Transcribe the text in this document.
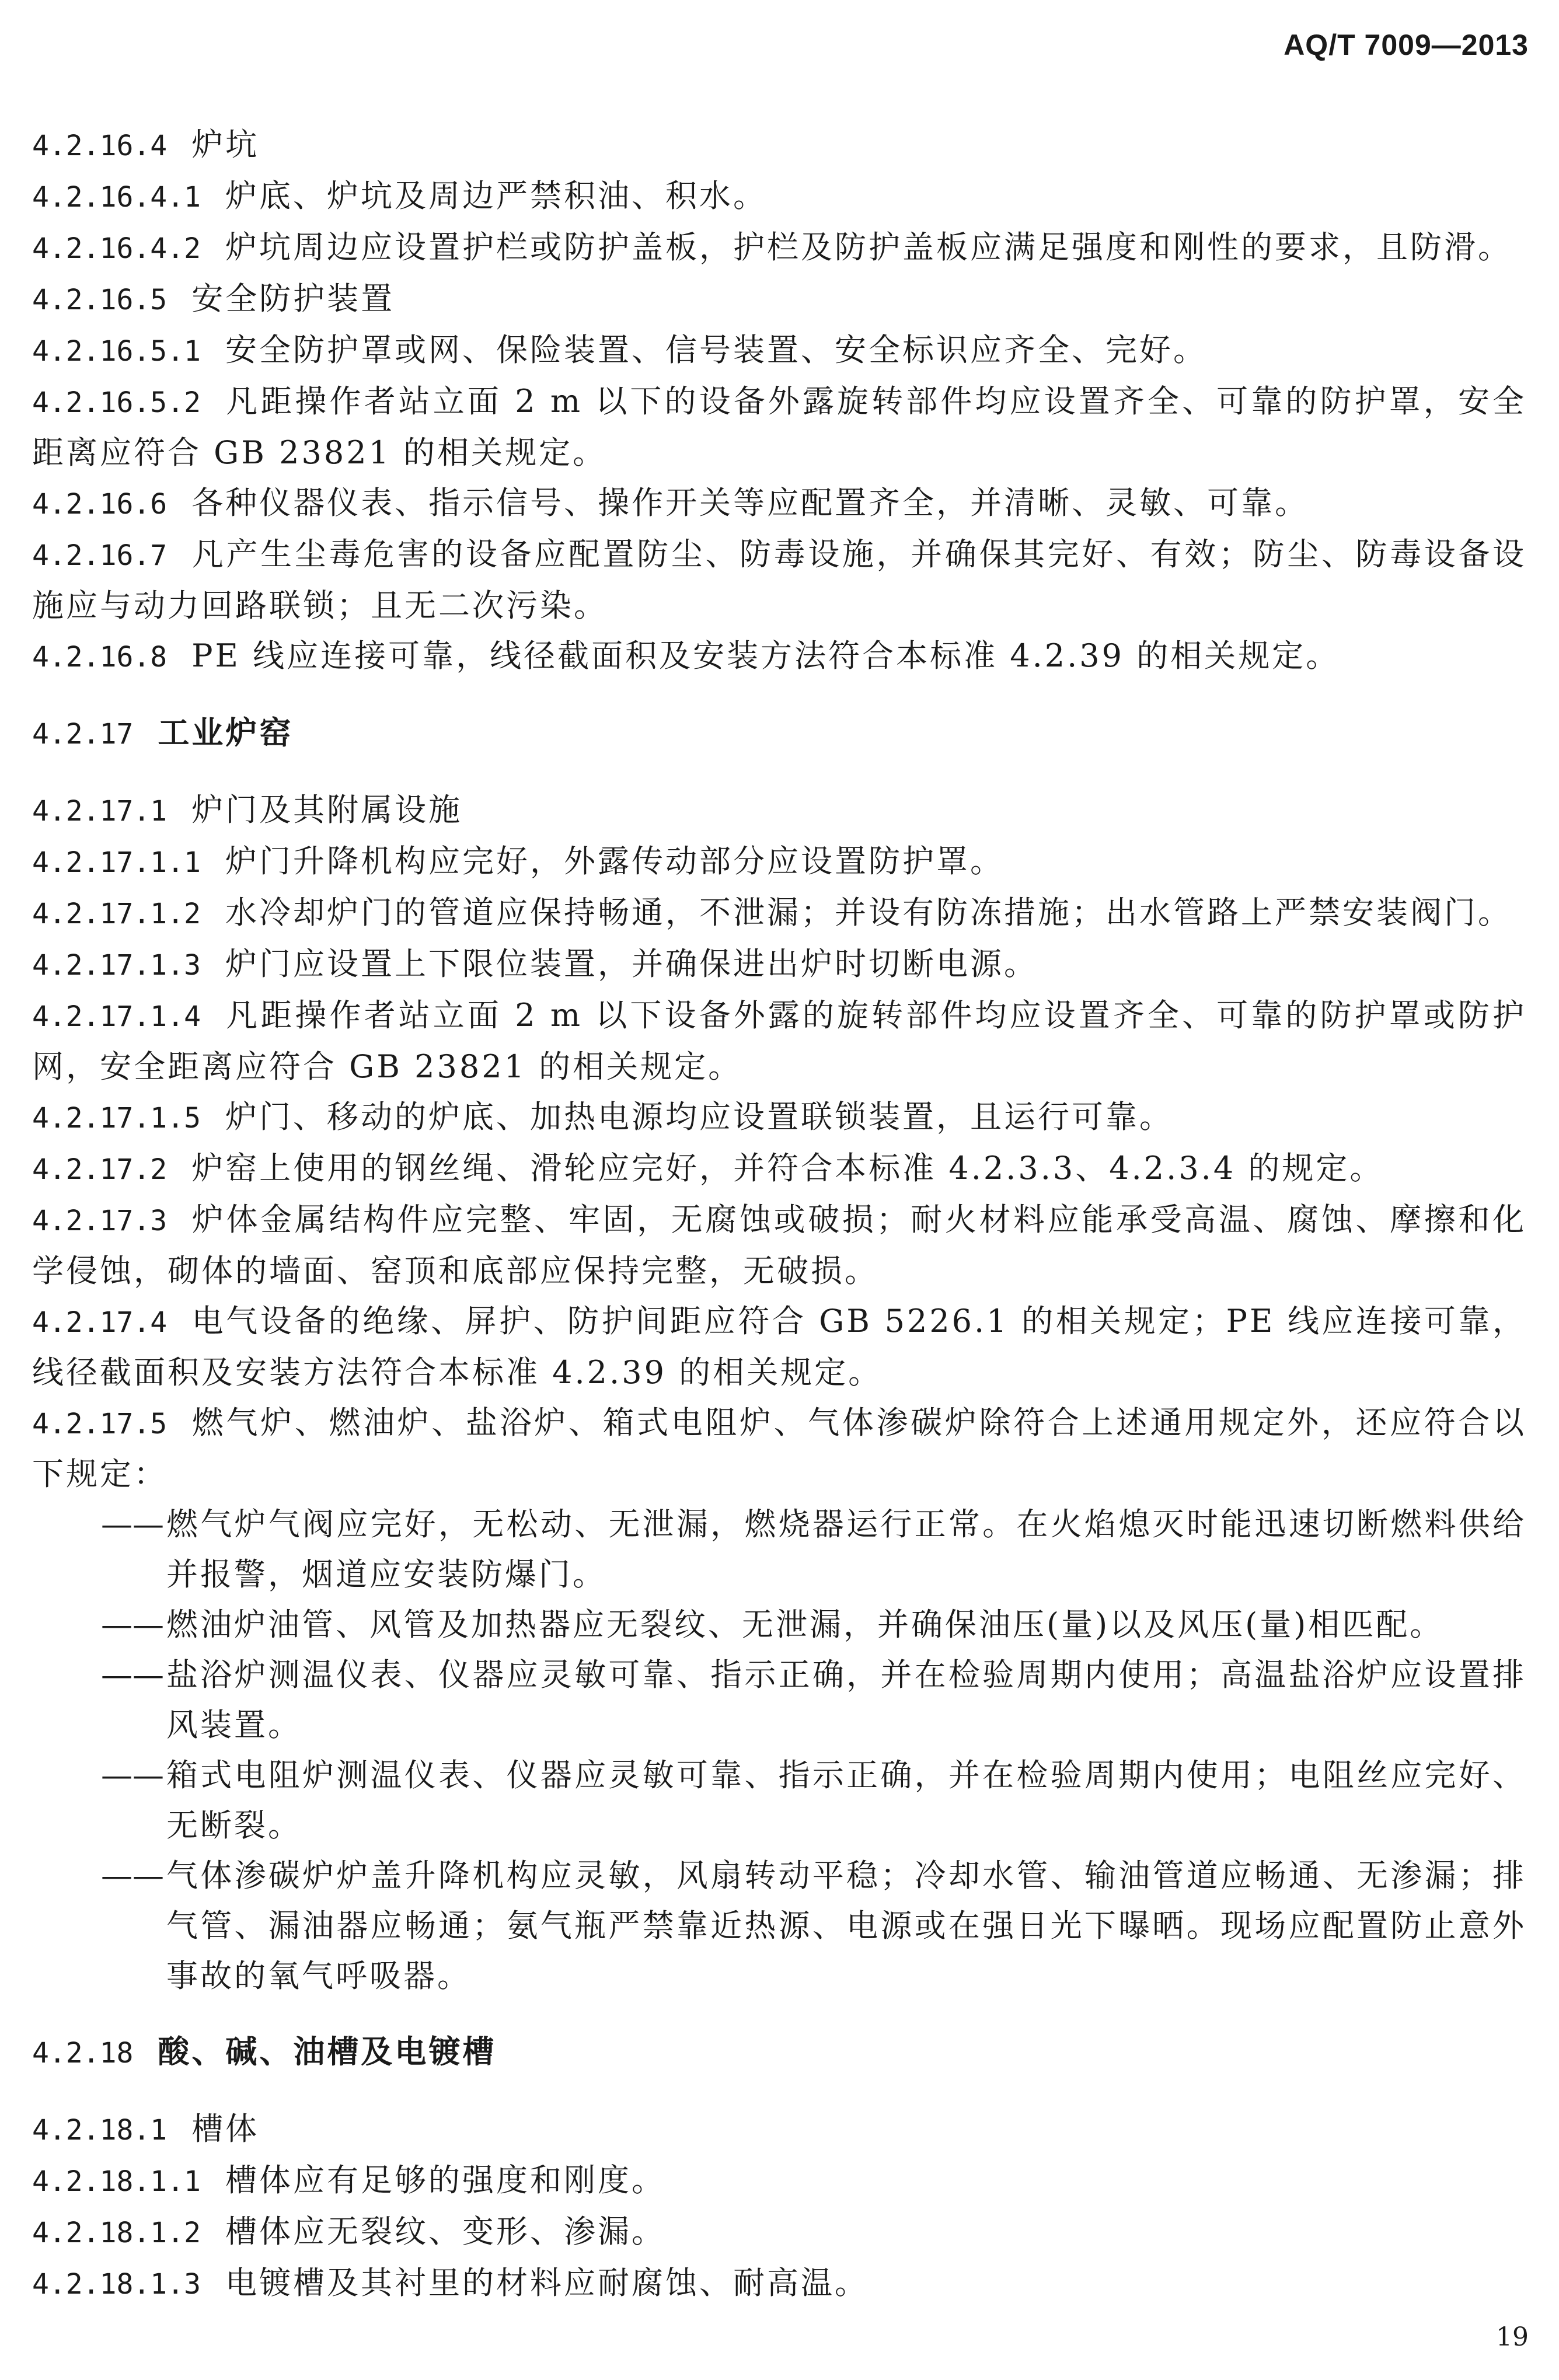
AQ/T 7009—2013
4.2.16.4 炉坑
4.2.16.4.1 炉底、炉坑及周边严禁积油、积水。
4.2.16.4.2 炉坑周边应设置护栏或防护盖板，护栏及防护盖板应满足强度和刚性的要求，且防滑。
4.2.16.5 安全防护装置
4.2.16.5.1 安全防护罩或网、保险装置、信号装置、安全标识应齐全、完好。
4.2.16.5.2 凡距操作者站立面 2 m 以下的设备外露旋转部件均应设置齐全、可靠的防护罩，安全距离应符合 GB 23821 的相关规定。
4.2.16.6 各种仪器仪表、指示信号、操作开关等应配置齐全，并清晰、灵敏、可靠。
4.2.16.7 凡产生尘毒危害的设备应配置防尘、防毒设施，并确保其完好、有效；防尘、防毒设备设施应与动力回路联锁；且无二次污染。
4.2.16.8 PE 线应连接可靠，线径截面积及安装方法符合本标准 4.2.39 的相关规定。
4.2.17 工业炉窑
4.2.17.1 炉门及其附属设施
4.2.17.1.1 炉门升降机构应完好，外露传动部分应设置防护罩。
4.2.17.1.2 水冷却炉门的管道应保持畅通，不泄漏；并设有防冻措施；出水管路上严禁安装阀门。
4.2.17.1.3 炉门应设置上下限位装置，并确保进出炉时切断电源。
4.2.17.1.4 凡距操作者站立面 2 m 以下设备外露的旋转部件均应设置齐全、可靠的防护罩或防护网，安全距离应符合 GB 23821 的相关规定。
4.2.17.1.5 炉门、移动的炉底、加热电源均应设置联锁装置，且运行可靠。
4.2.17.2 炉窑上使用的钢丝绳、滑轮应完好，并符合本标准 4.2.3.3、4.2.3.4 的规定。
4.2.17.3 炉体金属结构件应完整、牢固，无腐蚀或破损；耐火材料应能承受高温、腐蚀、摩擦和化学侵蚀，砌体的墙面、窑顶和底部应保持完整，无破损。
4.2.17.4 电气设备的绝缘、屏护、防护间距应符合 GB 5226.1 的相关规定；PE 线应连接可靠，线径截面积及安装方法符合本标准 4.2.39 的相关规定。
4.2.17.5 燃气炉、燃油炉、盐浴炉、箱式电阻炉、气体渗碳炉除符合上述通用规定外，还应符合以下规定：
—— 燃气炉气阀应完好，无松动、无泄漏，燃烧器运行正常。在火焰熄灭时能迅速切断燃料供给并报警，烟道应安装防爆门。
—— 燃油炉油管、风管及加热器应无裂纹、无泄漏，并确保油压(量)以及风压(量)相匹配。
—— 盐浴炉测温仪表、仪器应灵敏可靠、指示正确，并在检验周期内使用；高温盐浴炉应设置排风装置。
—— 箱式电阻炉测温仪表、仪器应灵敏可靠、指示正确，并在检验周期内使用；电阻丝应完好、无断裂。
—— 气体渗碳炉炉盖升降机构应灵敏，风扇转动平稳；冷却水管、输油管道应畅通、无渗漏；排气管、漏油器应畅通；氨气瓶严禁靠近热源、电源或在强日光下曝晒。现场应配置防止意外事故的氧气呼吸器。
4.2.18 酸、碱、油槽及电镀槽
4.2.18.1 槽体
4.2.18.1.1 槽体应有足够的强度和刚度。
4.2.18.1.2 槽体应无裂纹、变形、渗漏。
4.2.18.1.3 电镀槽及其衬里的材料应耐腐蚀、耐高温。
19
